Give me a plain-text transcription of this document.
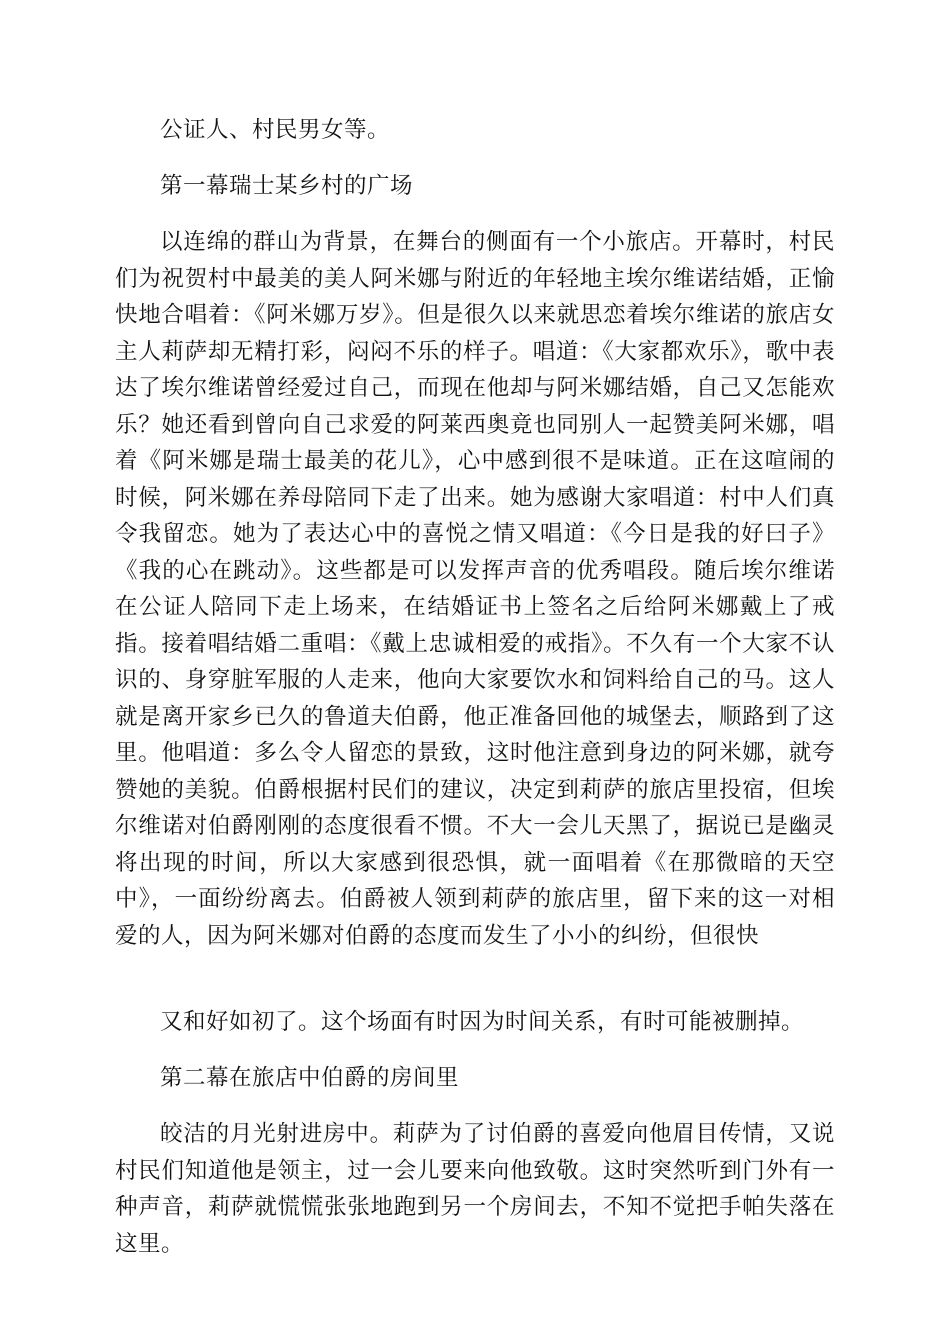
公证人、村民男女等。

第一幕瑞士某乡村的广场

以连绵的群山为背景，在舞台的侧面有一个小旅店。开幕时，村民们为祝贺村中最美的美人阿米娜与附近的年轻地主埃尔维诺结婚，正愉快地合唱着：《阿米娜万岁》。但是很久以来就思恋着埃尔维诺的旅店女主人莉萨却无精打彩，闷闷不乐的样子。唱道：《大家都欢乐》，歌中表达了埃尔维诺曾经爱过自己，而现在他却与阿米娜结婚，自己又怎能欢乐？她还看到曾向自己求爱的阿莱西奥竟也同别人一起赞美阿米娜，唱着《阿米娜是瑞士最美的花儿》，心中感到很不是味道。正在这喧闹的时候，阿米娜在养母陪同下走了出来。她为感谢大家唱道：村中人们真令我留恋。她为了表达心中的喜悦之情又唱道：《今日是我的好曰子》《我的心在跳动》。这些都是可以发挥声音的优秀唱段。随后埃尔维诺在公证人陪同下走上场来，在结婚证书上签名之后给阿米娜戴上了戒指。接着唱结婚二重唱：《戴上忠诚相爱的戒指》。不久有一个大家不认识的、身穿脏军服的人走来，他向大家要饮水和饲料给自己的马。这人就是离开家乡已久的鲁道夫伯爵，他正准备回他的城堡去，顺路到了这里。他唱道：多么令人留恋的景致，这时他注意到身边的阿米娜，就夸赞她的美貌。伯爵根据村民们的建议，决定到莉萨的旅店里投宿，但埃尔维诺对伯爵刚刚的态度很看不惯。不大一会儿天黑了，据说已是幽灵将出现的时间，所以大家感到很恐惧，就一面唱着《在那微暗的天空中》，一面纷纷离去。伯爵被人领到莉萨的旅店里，留下来的这一对相爱的人，因为阿米娜对伯爵的态度而发生了小小的纠纷，但很快

又和好如初了。这个场面有时因为时间关系，有时可能被删掉。

第二幕在旅店中伯爵的房间里

皎洁的月光射进房中。莉萨为了讨伯爵的喜爱向他眉目传情，又说村民们知道他是领主，过一会儿要来向他致敬。这时突然听到门外有一种声音，莉萨就慌慌张张地跑到另一个房间去，不知不觉把手帕失落在这里。
